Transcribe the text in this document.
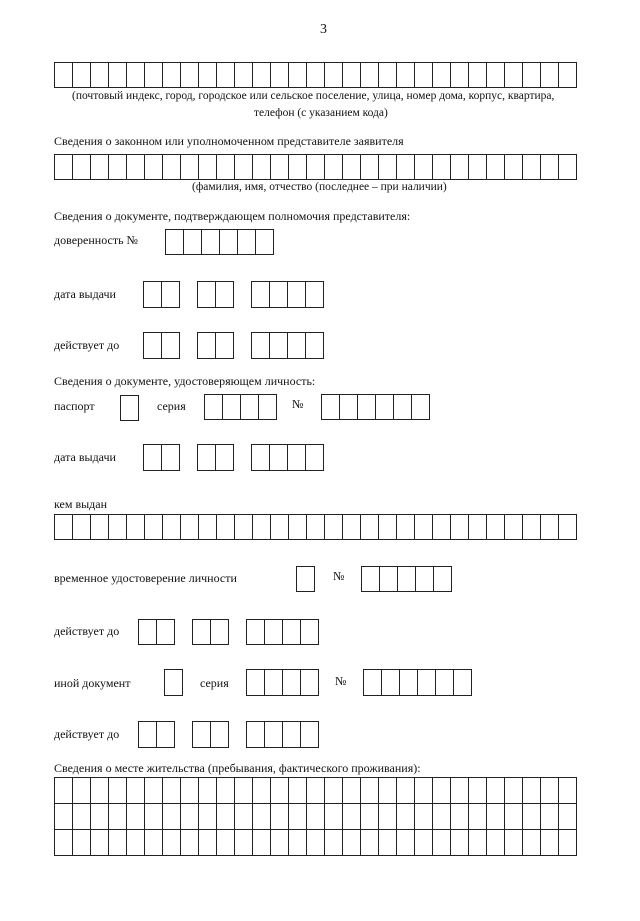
3
(почтовый индекс, город, городское или сельское поселение, улица, номер дома, корпус, квартира,
телефон (с указанием кода)
Сведения о законном или уполномоченном представителе заявителя
(фамилия, имя, отчество (последнее – при наличии)
Сведения о документе, подтверждающем полномочия представителя:
доверенность №
дата выдачи
действует до
Сведения о документе, удостоверяющем личность:
паспорт	серия	№
дата выдачи
кем выдан
временное удостоверение личности	№
действует до
иной документ	серия	№
действует до
Сведения о месте жительства (пребывания, фактического проживания):
